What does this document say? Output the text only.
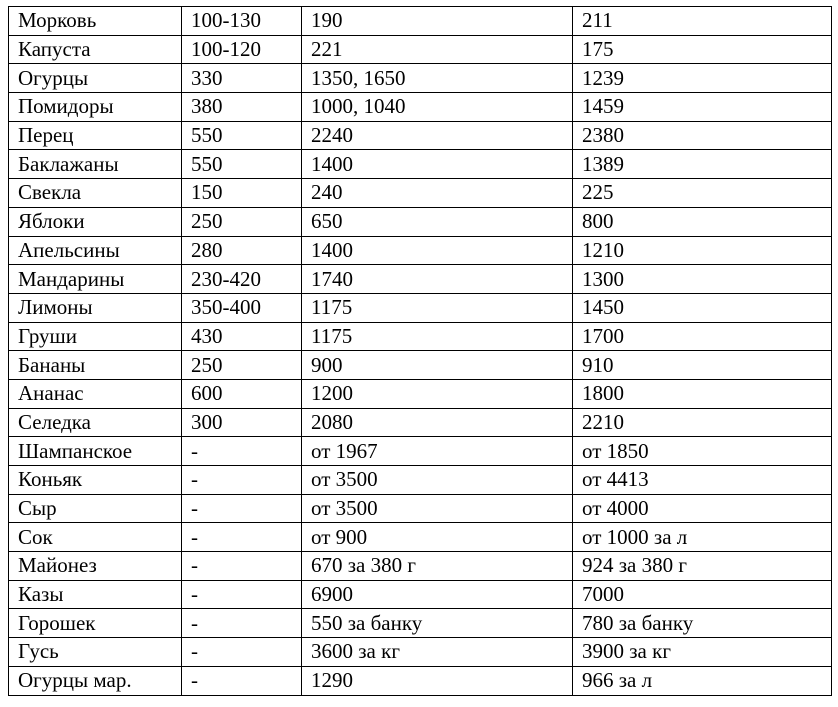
Морковь	100-130	190	211
Капуста	100-120	221	175
Огурцы	330	1350, 1650	1239
Помидоры	380	1000, 1040	1459
Перец	550	2240	2380
Баклажаны	550	1400	1389
Свекла	150	240	225
Яблоки	250	650	800
Апельсины	280	1400	1210
Мандарины	230-420	1740	1300
Лимоны	350-400	1175	1450
Груши	430	1175	1700
Бананы	250	900	910
Ананас	600	1200	1800
Селедка	300	2080	2210
Шампанское	-	от 1967	от 1850
Коньяк	-	от 3500	от 4413
Сыр	-	от 3500	от 4000
Сок	-	от 900	от 1000 за л
Майонез	-	670 за 380 г	924 за 380 г
Казы	-	6900	7000
Горошек	-	550 за банку	780 за банку
Гусь	-	3600 за кг	3900 за кг
Огурцы мар.	-	1290	966 за л
